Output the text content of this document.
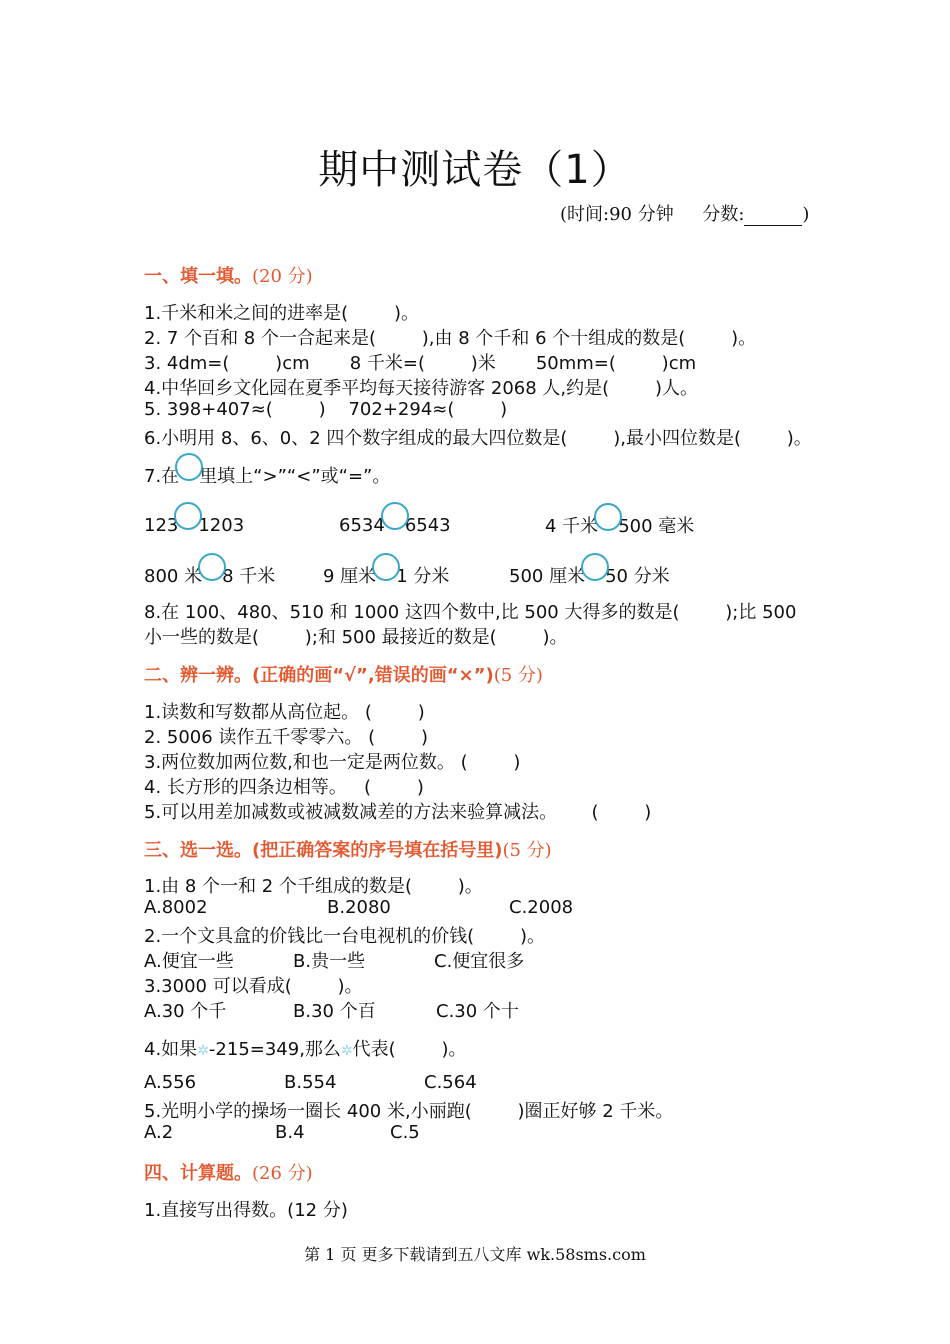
期中测试卷（1）
(时间:90 分钟 分数:	)
一、填一填。(20 分)
1.千米和米之间的进率是(        )。
2. 7 个百和 8 个一合起来是(        ),由 8 个千和 6 个十组成的数是(        )。
3. 4dm=(        )cm       8 千米=(        )米       50mm=(        )cm
4.中华回乡文化园在夏季平均每天接待游客 2068 人,约是(        )人。
5. 398+407≈(        )    702+294≈(        )
6.小明用 8、6、0、2 四个数字组成的最大四位数是(        ),最小四位数是(        )。
7.在 里填上“>”“<”或“=”。
123 1203	6534 6543	4 千米 500 毫米
800 米 8 千米	9 厘米 1 分米	500 厘米 50 分米
8.在 100、480、510 和 1000 这四个数中,比 500 大得多的数是(        );比 500
小一些的数是(        );和 500 最接近的数是(        )。
二、辨一辨。(正确的画“√”,错误的画“×”)(5 分)
1.读数和写数都从高位起。 (        )
2. 5006 读作五千零零六。 (        )
3.两位数加两位数,和也一定是两位数。 (        )
4. 长方形的四条边相等。   (        )
5.可以用差加减数或被减数减差的方法来验算减法。      (        )
三、选一选。(把正确答案的序号填在括号里)(5 分)
1.由 8 个一和 2 个千组成的数是(        )。
A.8002	B.2080	C.2008
2.一个文具盒的价钱比一台电视机的价钱(        )。
A.便宜一些	B.贵一些	C.便宜很多
3.3000 可以看成(        )。
A.30 个千	B.30 个百	C.30 个十
4.如果✲-215=349,那么✲代表(        )。
A.556	B.554	C.564
5.光明小学的操场一圈长 400 米,小丽跑(        )圈正好够 2 千米。
A.2	B.4	C.5
四、计算题。(26 分)
1.直接写出得数。(12 分)
第 1 页 更多下载请到五八文库 wk.58sms.com
